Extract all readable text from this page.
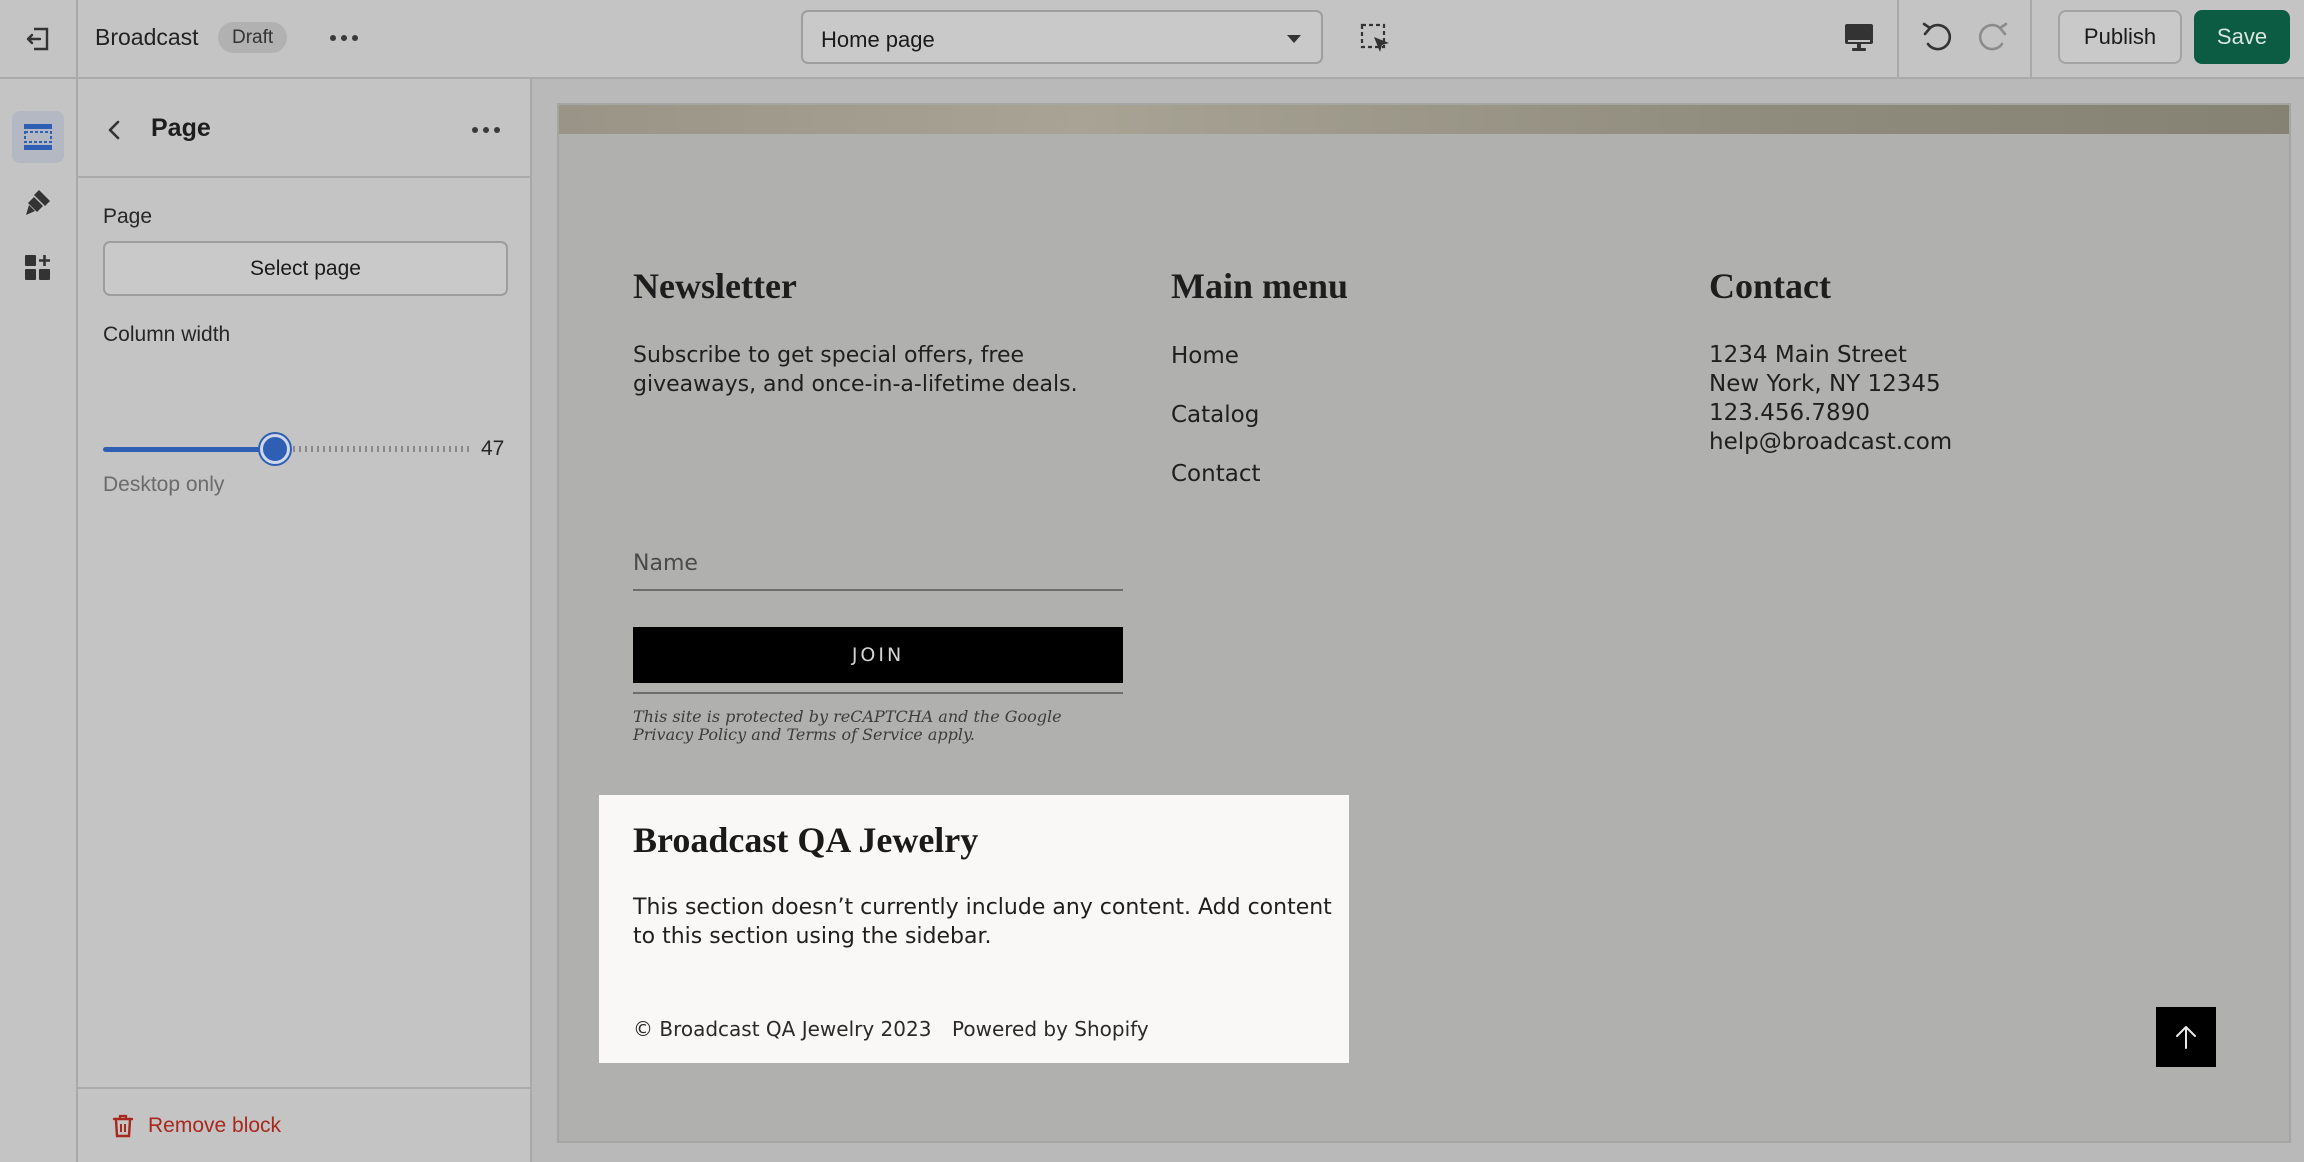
Broadcast	Draft	Home page	Publish	Save
Page
Page
Select page
Column width
47
Desktop only
Remove block
Newsletter

Subscribe to get special offers, free giveaways, and once-in-a-lifetime deals.

Name
JOIN

This site is protected by reCAPTCHA and the Google Privacy Policy and Terms of Service apply.

Main menu
Home
Catalog
Contact
Contact
1234 Main Street
New York, NY 12345
123.456.7890
help@broadcast.com
Broadcast QA Jewelry

This section doesn’t currently include any content. Add content to this section using the sidebar.

© Broadcast QA Jewelry 2023 Powered by Shopify
